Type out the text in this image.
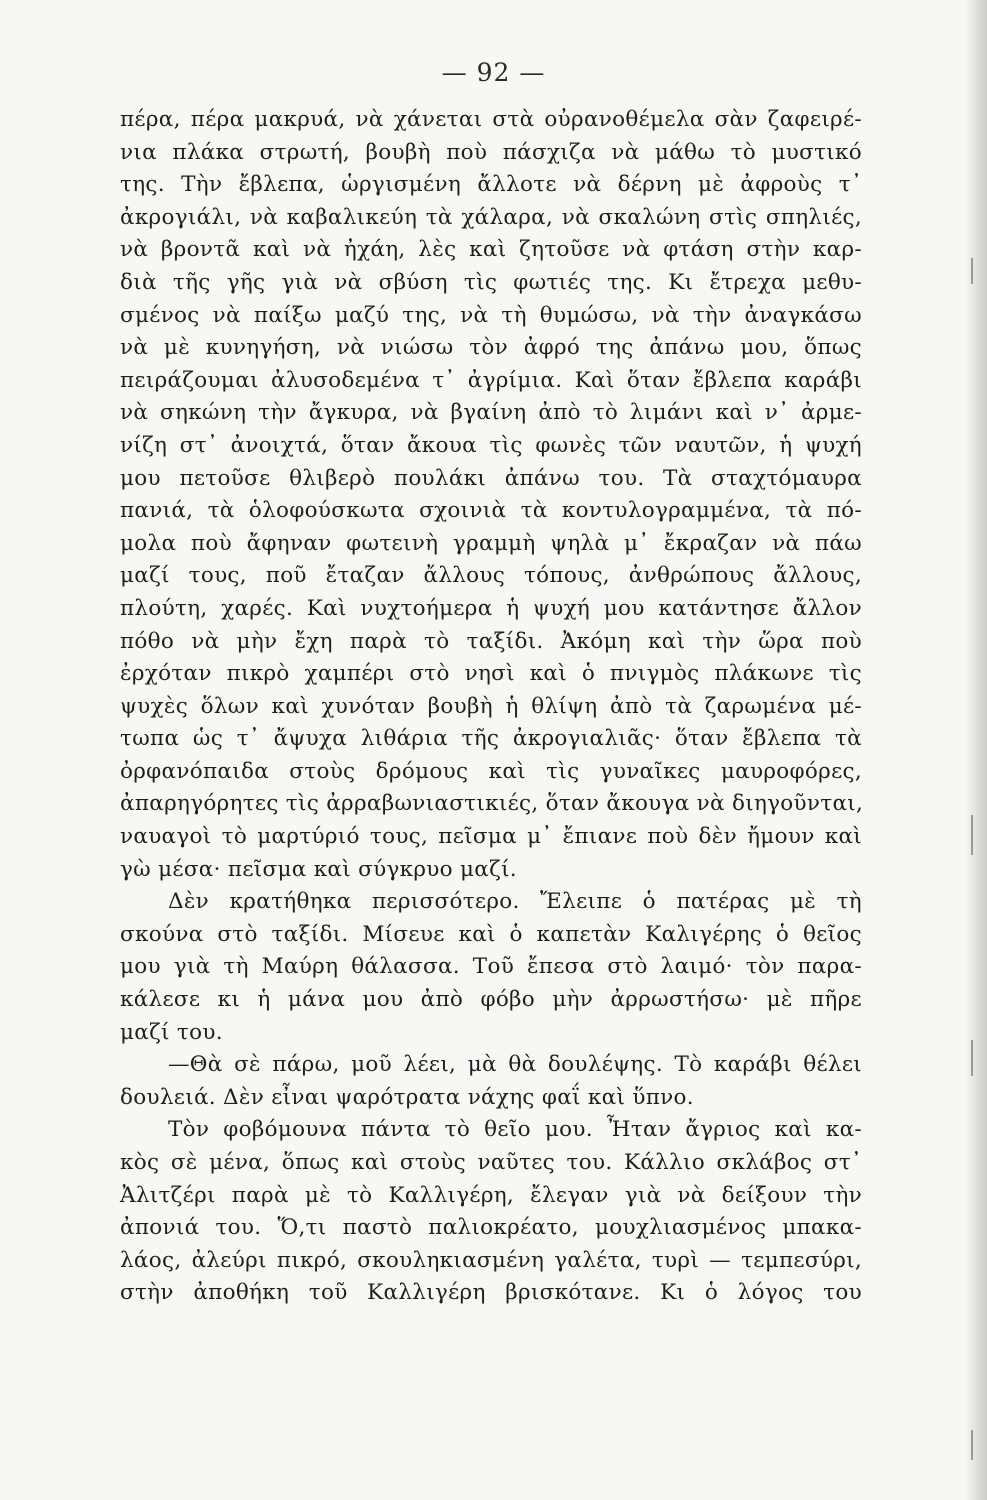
— 92 —
πέρα, πέρα μακρυά, νὰ χάνεται στὰ οὐρανοθέμελα σὰν ζαφειρέ-
νια πλάκα στρωτή, βουβὴ ποὺ πάσχιζα νὰ μάθω τὸ μυστικό
της. Τὴν ἔβλεπα, ὡργισμένη ἄλλοτε νὰ δέρνη μὲ ἀφροὺς τ᾿
ἀκρογιάλι, νὰ καβαλικεύη τὰ χάλαρα, νὰ σκαλώνη στὶς σπηλιές,
νὰ βροντᾶ καὶ νὰ ἠχάη, λὲς καὶ ζητοῦσε νὰ φτάση στὴν καρ-
διὰ τῆς γῆς γιὰ νὰ σβύση τὶς φωτιές της. Κι ἔτρεχα μεθυ-
σμένος νὰ παίξω μαζύ της, νὰ τὴ θυμώσω, νὰ τὴν ἀναγκάσω
νὰ μὲ κυνηγήση, νὰ νιώσω τὸν ἀφρό της ἀπάνω μου, ὅπως
πειράζουμαι ἀλυσοδεμένα τ᾿ ἀγρίμια. Καὶ ὅταν ἔβλεπα καράβι
νὰ σηκώνη τὴν ἄγκυρα, νὰ βγαίνη ἀπὸ τὸ λιμάνι καὶ ν᾿ ἀρμε-
νίζη στ᾿ ἀνοιχτά, ὅταν ἄκουα τὶς φωνὲς τῶν ναυτῶν, ἡ ψυχή
μου πετοῦσε θλιβερὸ πουλάκι ἀπάνω του. Τὰ σταχτόμαυρα
πανιά, τὰ ὁλοφούσκωτα σχοινιὰ τὰ κοντυλογραμμένα, τὰ πό-
μολα ποὺ ἄφηναν φωτεινὴ γραμμὴ ψηλὰ μ᾿ ἔκραζαν νὰ πάω
μαζί τους, ποῦ ἔταζαν ἄλλους τόπους, ἀνθρώπους ἄλλους,
πλούτη, χαρές. Καὶ νυχτοήμερα ἡ ψυχή μου κατάντησε ἄλλον
πόθο νὰ μὴν ἔχη παρὰ τὸ ταξίδι. Ἀκόμη καὶ τὴν ὥρα ποὺ
ἐρχόταν πικρὸ χαμπέρι στὸ νησὶ καὶ ὁ πνιγμὸς πλάκωνε τὶς
ψυχὲς ὅλων καὶ χυνόταν βουβὴ ἡ θλίψη ἀπὸ τὰ ζαρωμένα μέ-
τωπα ὡς τ᾿ ἄψυχα λιθάρια τῆς ἀκρογιαλιᾶς· ὅταν ἔβλεπα τὰ
ὀρφανόπαιδα στοὺς δρόμους καὶ τὶς γυναῖκες μαυροφόρες,
ἀπαρηγόρητες τὶς ἀρραβωνιαστικιές, ὅταν ἄκουγα νὰ διηγοῦνται,
ναυαγοὶ τὸ μαρτύριό τους, πεῖσμα μ᾿ ἔπιανε ποὺ δὲν ἤμουν καὶ
γὼ μέσα· πεῖσμα καὶ σύγκρυο μαζί.
Δὲν κρατήθηκα περισσότερο. Ἔλειπε ὁ πατέρας μὲ τὴ
σκούνα στὸ ταξίδι. Μίσευε καὶ ὁ καπετὰν Καλιγέρης ὁ θεῖος
μου γιὰ τὴ Μαύρη θάλασσα. Τοῦ ἔπεσα στὸ λαιμό· τὸν παρα-
κάλεσε κι ἡ μάνα μου ἀπὸ φόβο μὴν ἀρρωστήσω· μὲ πῆρε
μαζί του.
—Θὰ σὲ πάρω, μοῦ λέει, μὰ θὰ δουλέψης. Τὸ καράβι θέλει
δουλειά. Δὲν εἶναι ψαρότρατα νάχης φαΐ καὶ ὕπνο.
Τὸν φοβόμουνα πάντα τὸ θεῖο μου. Ἦταν ἄγριος καὶ κα-
κὸς σὲ μένα, ὅπως καὶ στοὺς ναῦτες του. Κάλλιο σκλάβος στ᾿
Ἀλιτζέρι παρὰ μὲ τὸ Καλλιγέρη, ἔλεγαν γιὰ νὰ δείξουν τὴν
ἀπονιά του. Ὅ,τι παστὸ παλιοκρέατο, μουχλιασμένος μπακα-
λάος, ἀλεύρι πικρό, σκουληκιασμένη γαλέτα, τυρὶ — τεμπεσύρι,
στὴν ἀποθήκη τοῦ Καλλιγέρη βρισκότανε. Κι ὁ λόγος του
